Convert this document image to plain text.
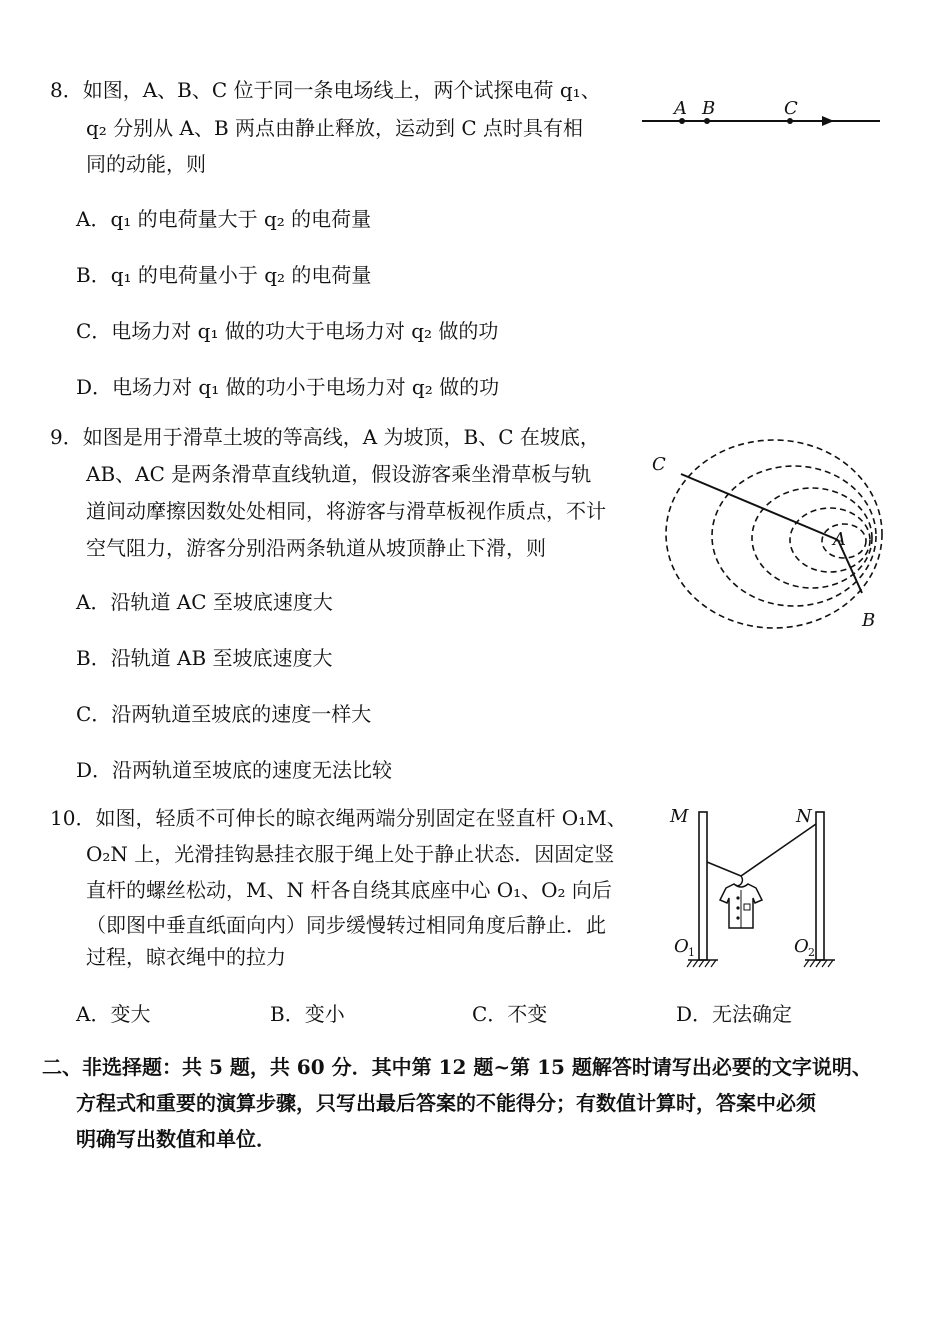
8．如图，A、B、C 位于同一条电场线上，两个试探电荷 q₁、
q₂ 分别从 A、B 两点由静止释放，运动到 C 点时具有相
同的动能，则
A．q₁ 的电荷量大于 q₂ 的电荷量
B．q₁ 的电荷量小于 q₂ 的电荷量
C．电场力对 q₁ 做的功大于电场力对 q₂ 做的功
D．电场力对 q₁ 做的功小于电场力对 q₂ 做的功
A B	C
9．如图是用于滑草土坡的等高线，A 为坡顶，B、C 在坡底，
AB、AC 是两条滑草直线轨道，假设游客乘坐滑草板与轨
道间动摩擦因数处处相同，将游客与滑草板视作质点，不计
空气阻力，游客分别沿两条轨道从坡顶静止下滑，则
A．沿轨道 AC 至坡底速度大
B．沿轨道 AB 至坡底速度大
C．沿两轨道至坡底的速度一样大
D．沿两轨道至坡底的速度无法比较
C
A
B
10．如图，轻质不可伸长的晾衣绳两端分别固定在竖直杆 O₁M、
O₂N 上，光滑挂钩悬挂衣服于绳上处于静止状态．因固定竖
直杆的螺丝松动，M、N 杆各自绕其底座中心 O₁、O₂ 向后
（即图中垂直纸面向内）同步缓慢转过相同角度后静止．此
过程，晾衣绳中的拉力
A．变大	B．变小	C．不变	D．无法确定
M	N
O 1	O 2
二、非选择题：共 5 题，共 60 分．其中第 12 题~第 15 题解答时请写出必要的文字说明、
方程式和重要的演算步骤，只写出最后答案的不能得分；有数值计算时，答案中必须
明确写出数值和单位．
